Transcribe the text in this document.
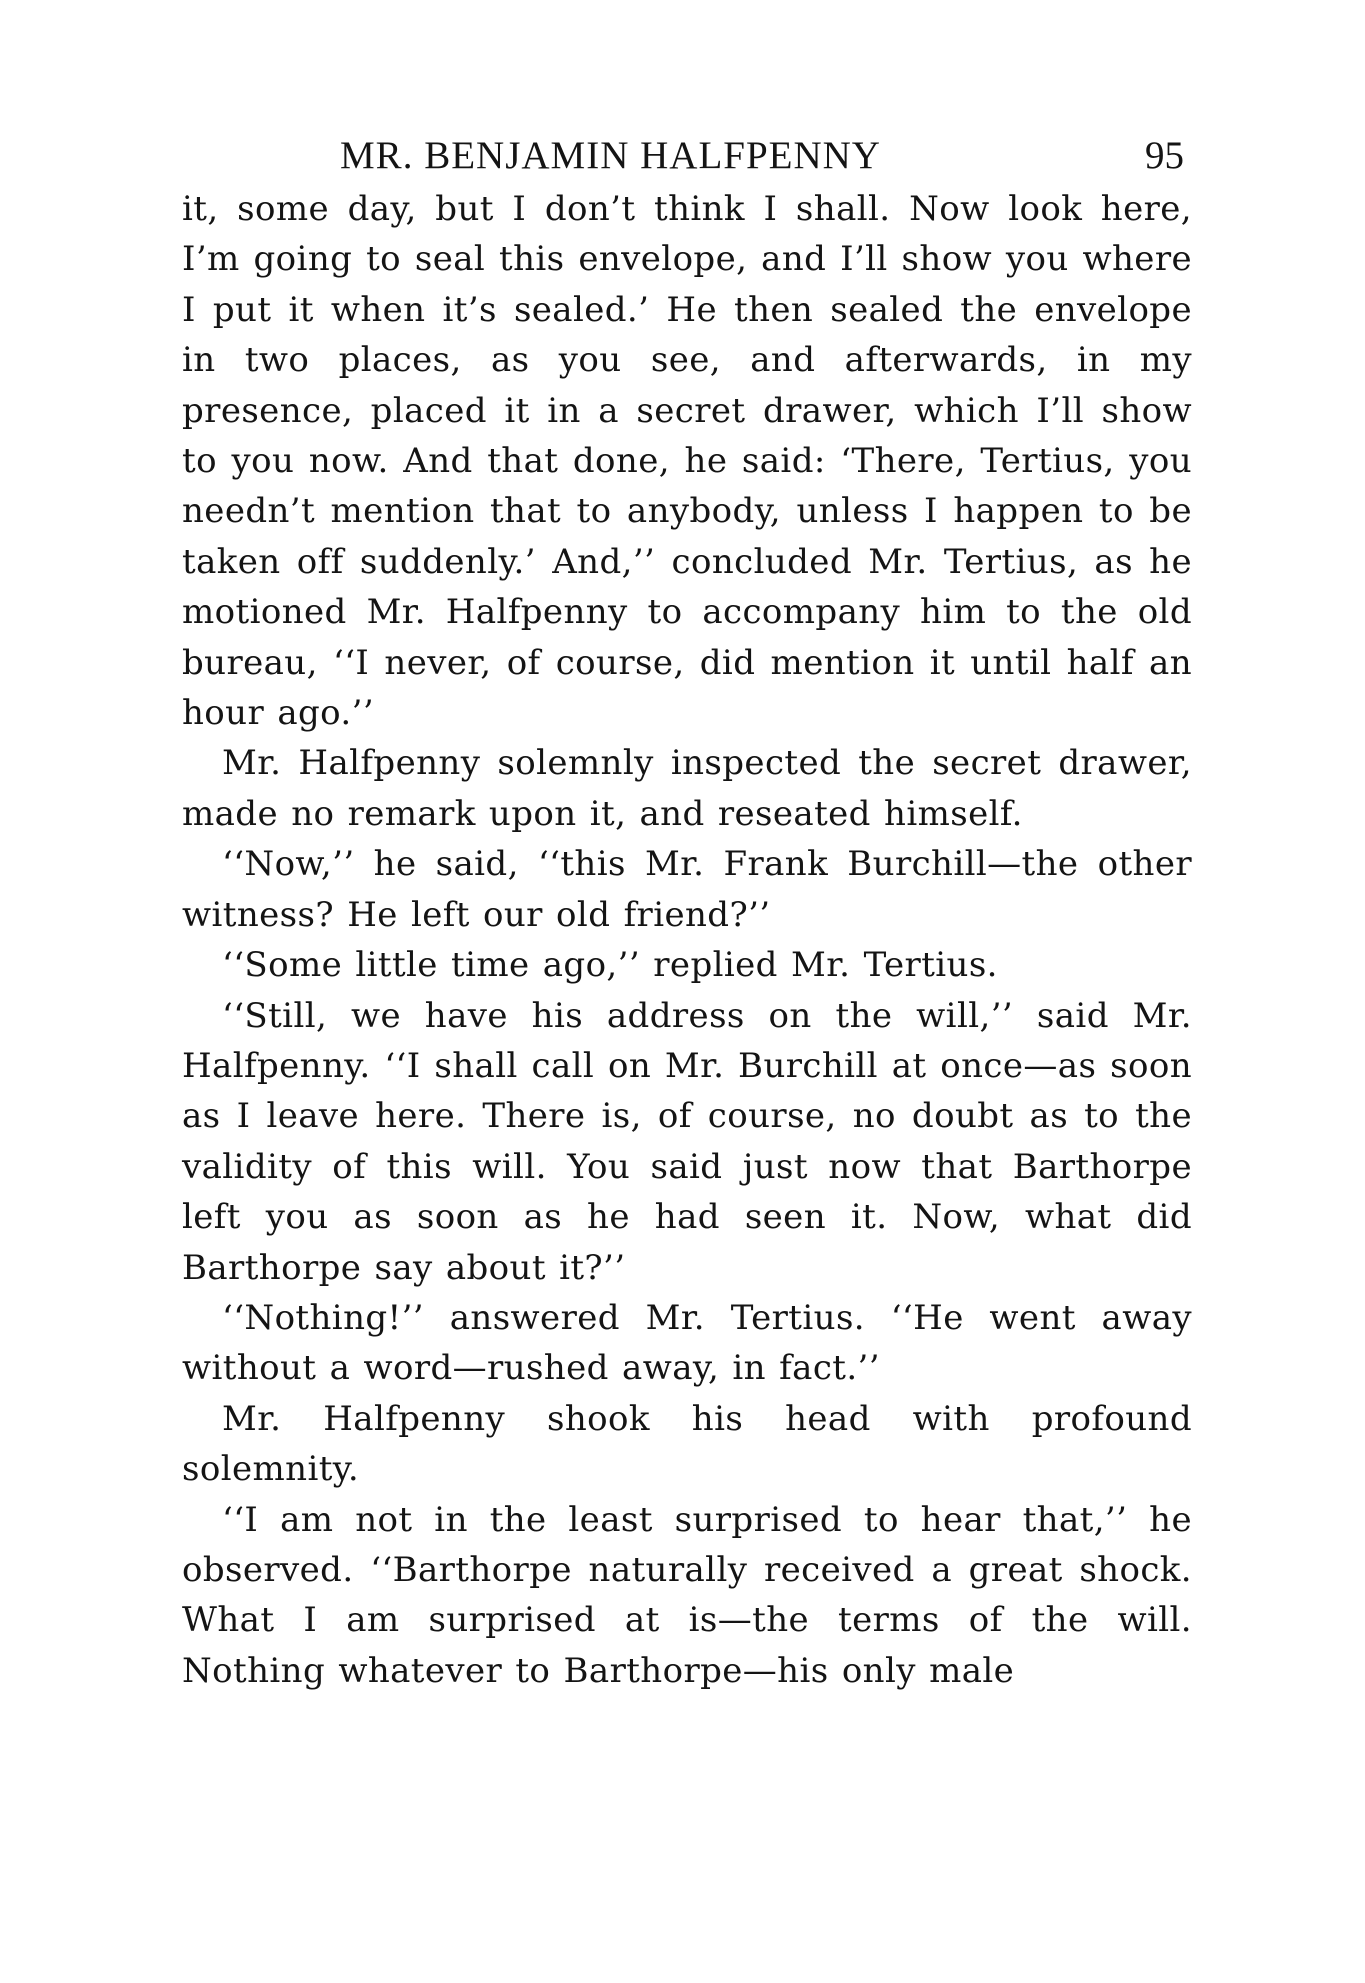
MR. BENJAMIN HALFPENNY	95

it, some day, but I don’t think I shall. Now look here, I’m going to seal this envelope, and I’ll show you where I put it when it’s sealed.’ He then sealed the envelope in two places, as you see, and afterwards, in my presence, placed it in a secret drawer, which I’ll show to you now. And that done, he said: ‘There, Tertius, you needn’t mention that to anybody, unless I happen to be taken off suddenly.’ And,’’ concluded Mr. Tertius, as he motioned Mr. Halfpenny to accompany him to the old bureau, ‘‘I never, of course, did mention it until half an hour ago.’’

Mr. Halfpenny solemnly inspected the secret drawer, made no remark upon it, and reseated himself.

‘‘Now,’’ he said, ‘‘this Mr. Frank Burchill—the other witness? He left our old friend?’’

‘‘Some little time ago,’’ replied Mr. Tertius.

‘‘Still, we have his address on the will,’’ said Mr. Halfpenny. ‘‘I shall call on Mr. Burchill at once—as soon as I leave here. There is, of course, no doubt as to the validity of this will. You said just now that Barthorpe left you as soon as he had seen it. Now, what did Barthorpe say about it?’’

‘‘Nothing!’’ answered Mr. Tertius. ‘‘He went away without a word—rushed away, in fact.’’

Mr. Halfpenny shook his head with profound solemnity.

‘‘I am not in the least surprised to hear that,’’ he observed. ‘‘Barthorpe naturally received a great shock. What I am surprised at is—the terms of the will. Nothing whatever to Barthorpe—his only male
